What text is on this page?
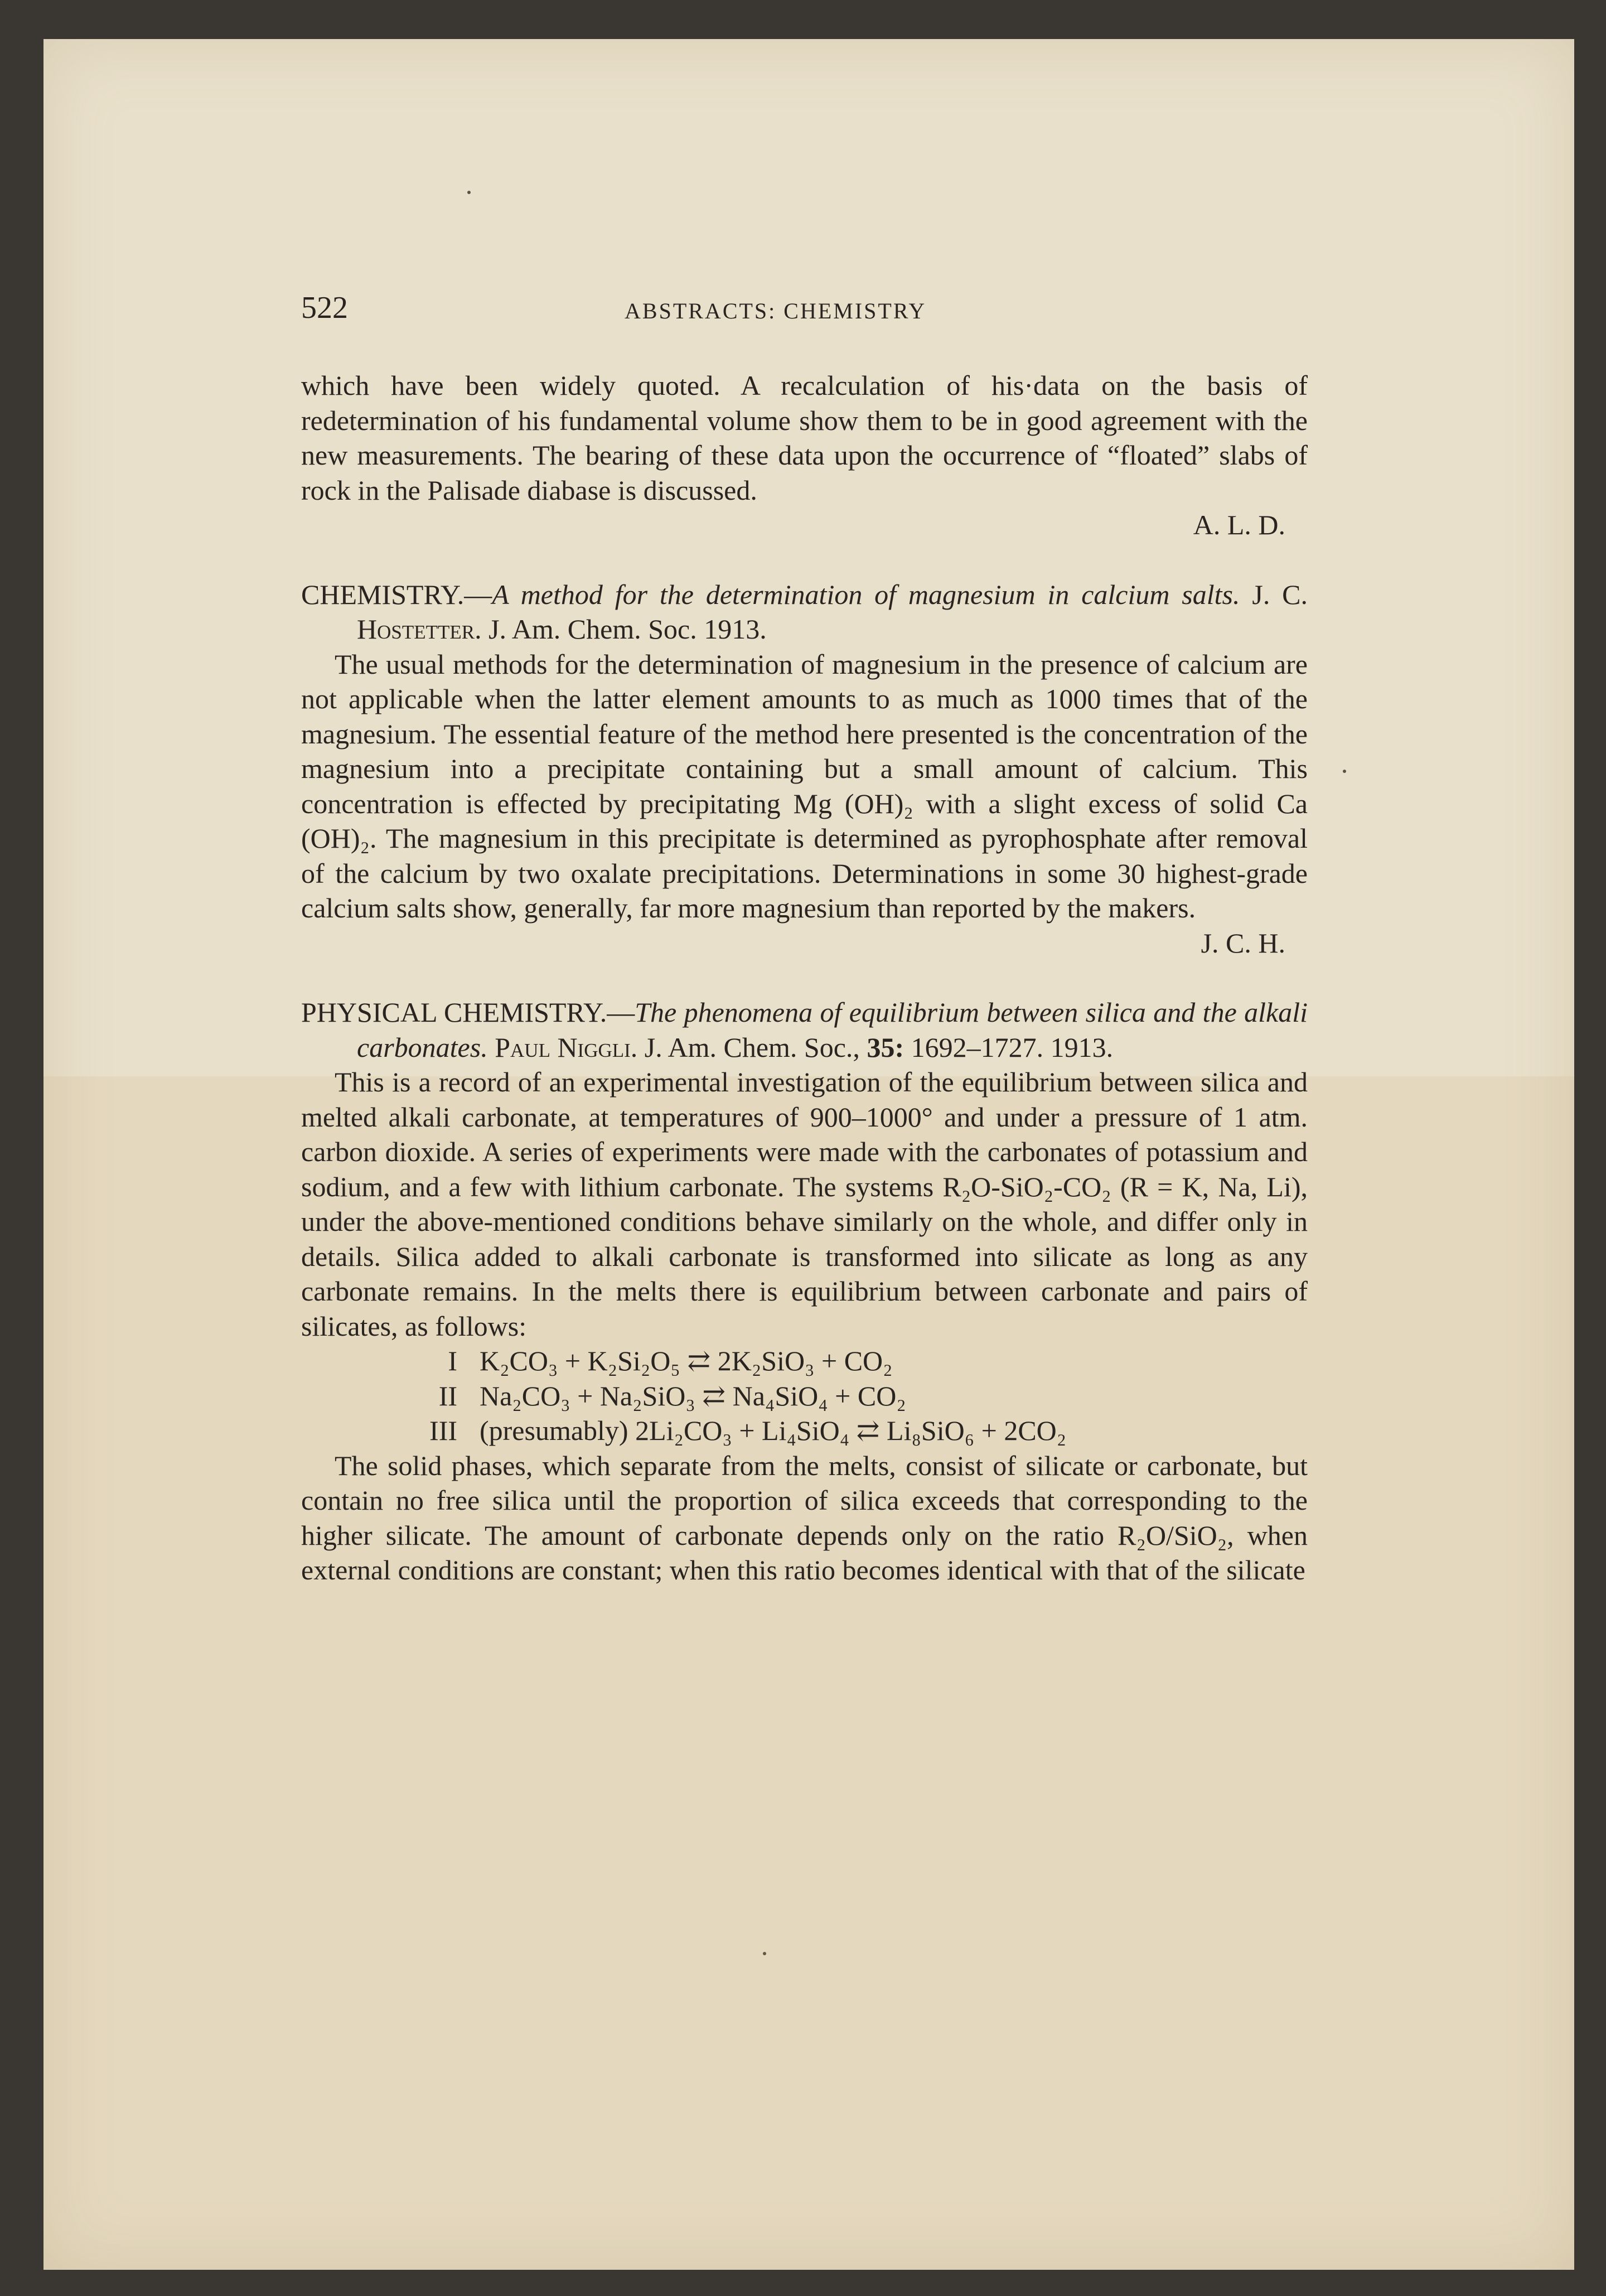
522	ABSTRACTS: CHEMISTRY

which have been widely quoted. A recalculation of his·data on the basis of redetermination of his fundamental volume show them to be in good agreement with the new measurements. The bearing of these data upon the occurrence of “floated” slabs of rock in the Palisade diabase is discussed.

A. L. D.

CHEMISTRY.—A method for the determination of magnesium in calcium salts. J. C. Hostetter. J. Am. Chem. Soc. 1913.

The usual methods for the determination of magnesium in the presence of calcium are not applicable when the latter element amounts to as much as 1000 times that of the magnesium. The essential feature of the method here presented is the concentration of the magnesium into a precipitate containing but a small amount of calcium. This concentration is effected by precipitating Mg (OH)₂ with a slight excess of solid Ca (OH)₂. The magnesium in this precipitate is determined as pyrophosphate after removal of the calcium by two oxalate precipitations. Determinations in some 30 highest-grade calcium salts show, generally, far more magnesium than reported by the makers.

J. C. H.

PHYSICAL CHEMISTRY.—The phenomena of equilibrium between silica and the alkali carbonates. Paul Niggli. J. Am. Chem. Soc., 35: 1692–1727. 1913.

This is a record of an experimental investigation of the equilibrium between silica and melted alkali carbonate, at temperatures of 900–1000° and under a pressure of 1 atm. carbon dioxide. A series of experiments were made with the carbonates of potassium and sodium, and a few with lithium carbonate. The systems R₂O-SiO₂-CO₂ (R = K, Na, Li), under the above-mentioned conditions behave similarly on the whole, and differ only in details. Silica added to alkali carbonate is transformed into silicate as long as any carbonate remains. In the melts there is equilibrium between carbonate and pairs of silicates, as follows:

I K₂CO₃ + K₂Si₂O₅ ⇄ 2K₂SiO₃ + CO₂

II Na₂CO₃ + Na₂SiO₃ ⇄ Na₄SiO₄ + CO₂

III (presumably) 2Li₂CO₃ + Li₄SiO₄ ⇄ Li₈SiO₆ + 2CO₂

The solid phases, which separate from the melts, consist of silicate or carbonate, but contain no free silica until the proportion of silica exceeds that corresponding to the higher silicate. The amount of carbonate depends only on the ratio R₂O/SiO₂, when external conditions are constant; when this ratio becomes identical with that of the silicate
